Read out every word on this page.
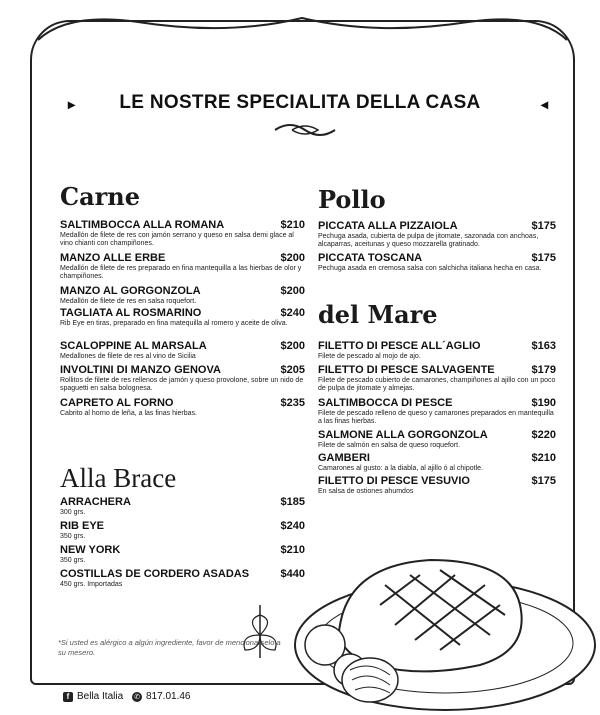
▸ LE NOSTRE SPECIALITA DELLA CASA	◂
Carne	Pollo
del Mare
Alla Brace
SALTIMBOCCA ALLA ROMANA	$210
Medallón de filete de res con jamón serrano y queso en salsa demi glace al vino chianti con champiñones.
MANZO ALLE ERBE	$200
Medallón de filete de res preparado en fina mantequilla a las hierbas de olor y champiñones.
MANZO AL GORGONZOLA	$200
Medallón de filete de res en salsa roquefort.
TAGLIATA AL ROSMARINO	$240
Rib Eye en tiras, preparado en fina matequilla al romero y aceite de oliva.
SCALOPPINE AL MARSALA	$200
Medallones de filete de res al vino de Sicilia
INVOLTINI DI MANZO GENOVA	$205
Rollitos de filete de res rellenos de jamón y queso provolone, sobre un nido de spaguetti en salsa bolognesa.
CAPRETO AL FORNO	$235
Cabrito al horno de leña, a las finas hierbas.
ARRACHERA	$185
300 grs.
RIB EYE	$240
350 grs.
NEW YORK	$210
350 grs.
COSTILLAS DE CORDERO ASADAS	$440
450 grs. Importadas
PICCATA ALLA PIZZAIOLA	$175
Pechuga asada, cubierta de pulpa de jitomate, sazonada con anchoas, alcaparras, aceitunas y queso mozzarella gratinado.
PICCATA TOSCANA	$175
Pechuga asada en cremosa salsa con salchicha italiana hecha en casa.
FILETTO DI PESCE ALL´AGLIO	$163
Filete de pescado al mojo de ajo.
FILETTO DI PESCE SALVAGENTE	$179
Filete de pescado cubierto de camarones, champiñones al ajillo con un poco de pulpa de jitomate y almejas.
SALTIMBOCCA DI PESCE	$190
Filete de pescado relleno de queso y camarones preparados en mantequilla a las finas hierbas.
SALMONE ALLA GORGONZOLA	$220
Filete de salmón en salsa de queso roquefort.
GAMBERI	$210
Camarones al gusto: a la diabla, al ajillo ó al chipotle.
FILETTO DI PESCE VESUVIO	$175
En salsa de ostiones ahumdos
*Si usted es alérgico a algún ingrediente, favor de mencionarselo a su mesero.
f Bella Italia ✆ 817.01.46
